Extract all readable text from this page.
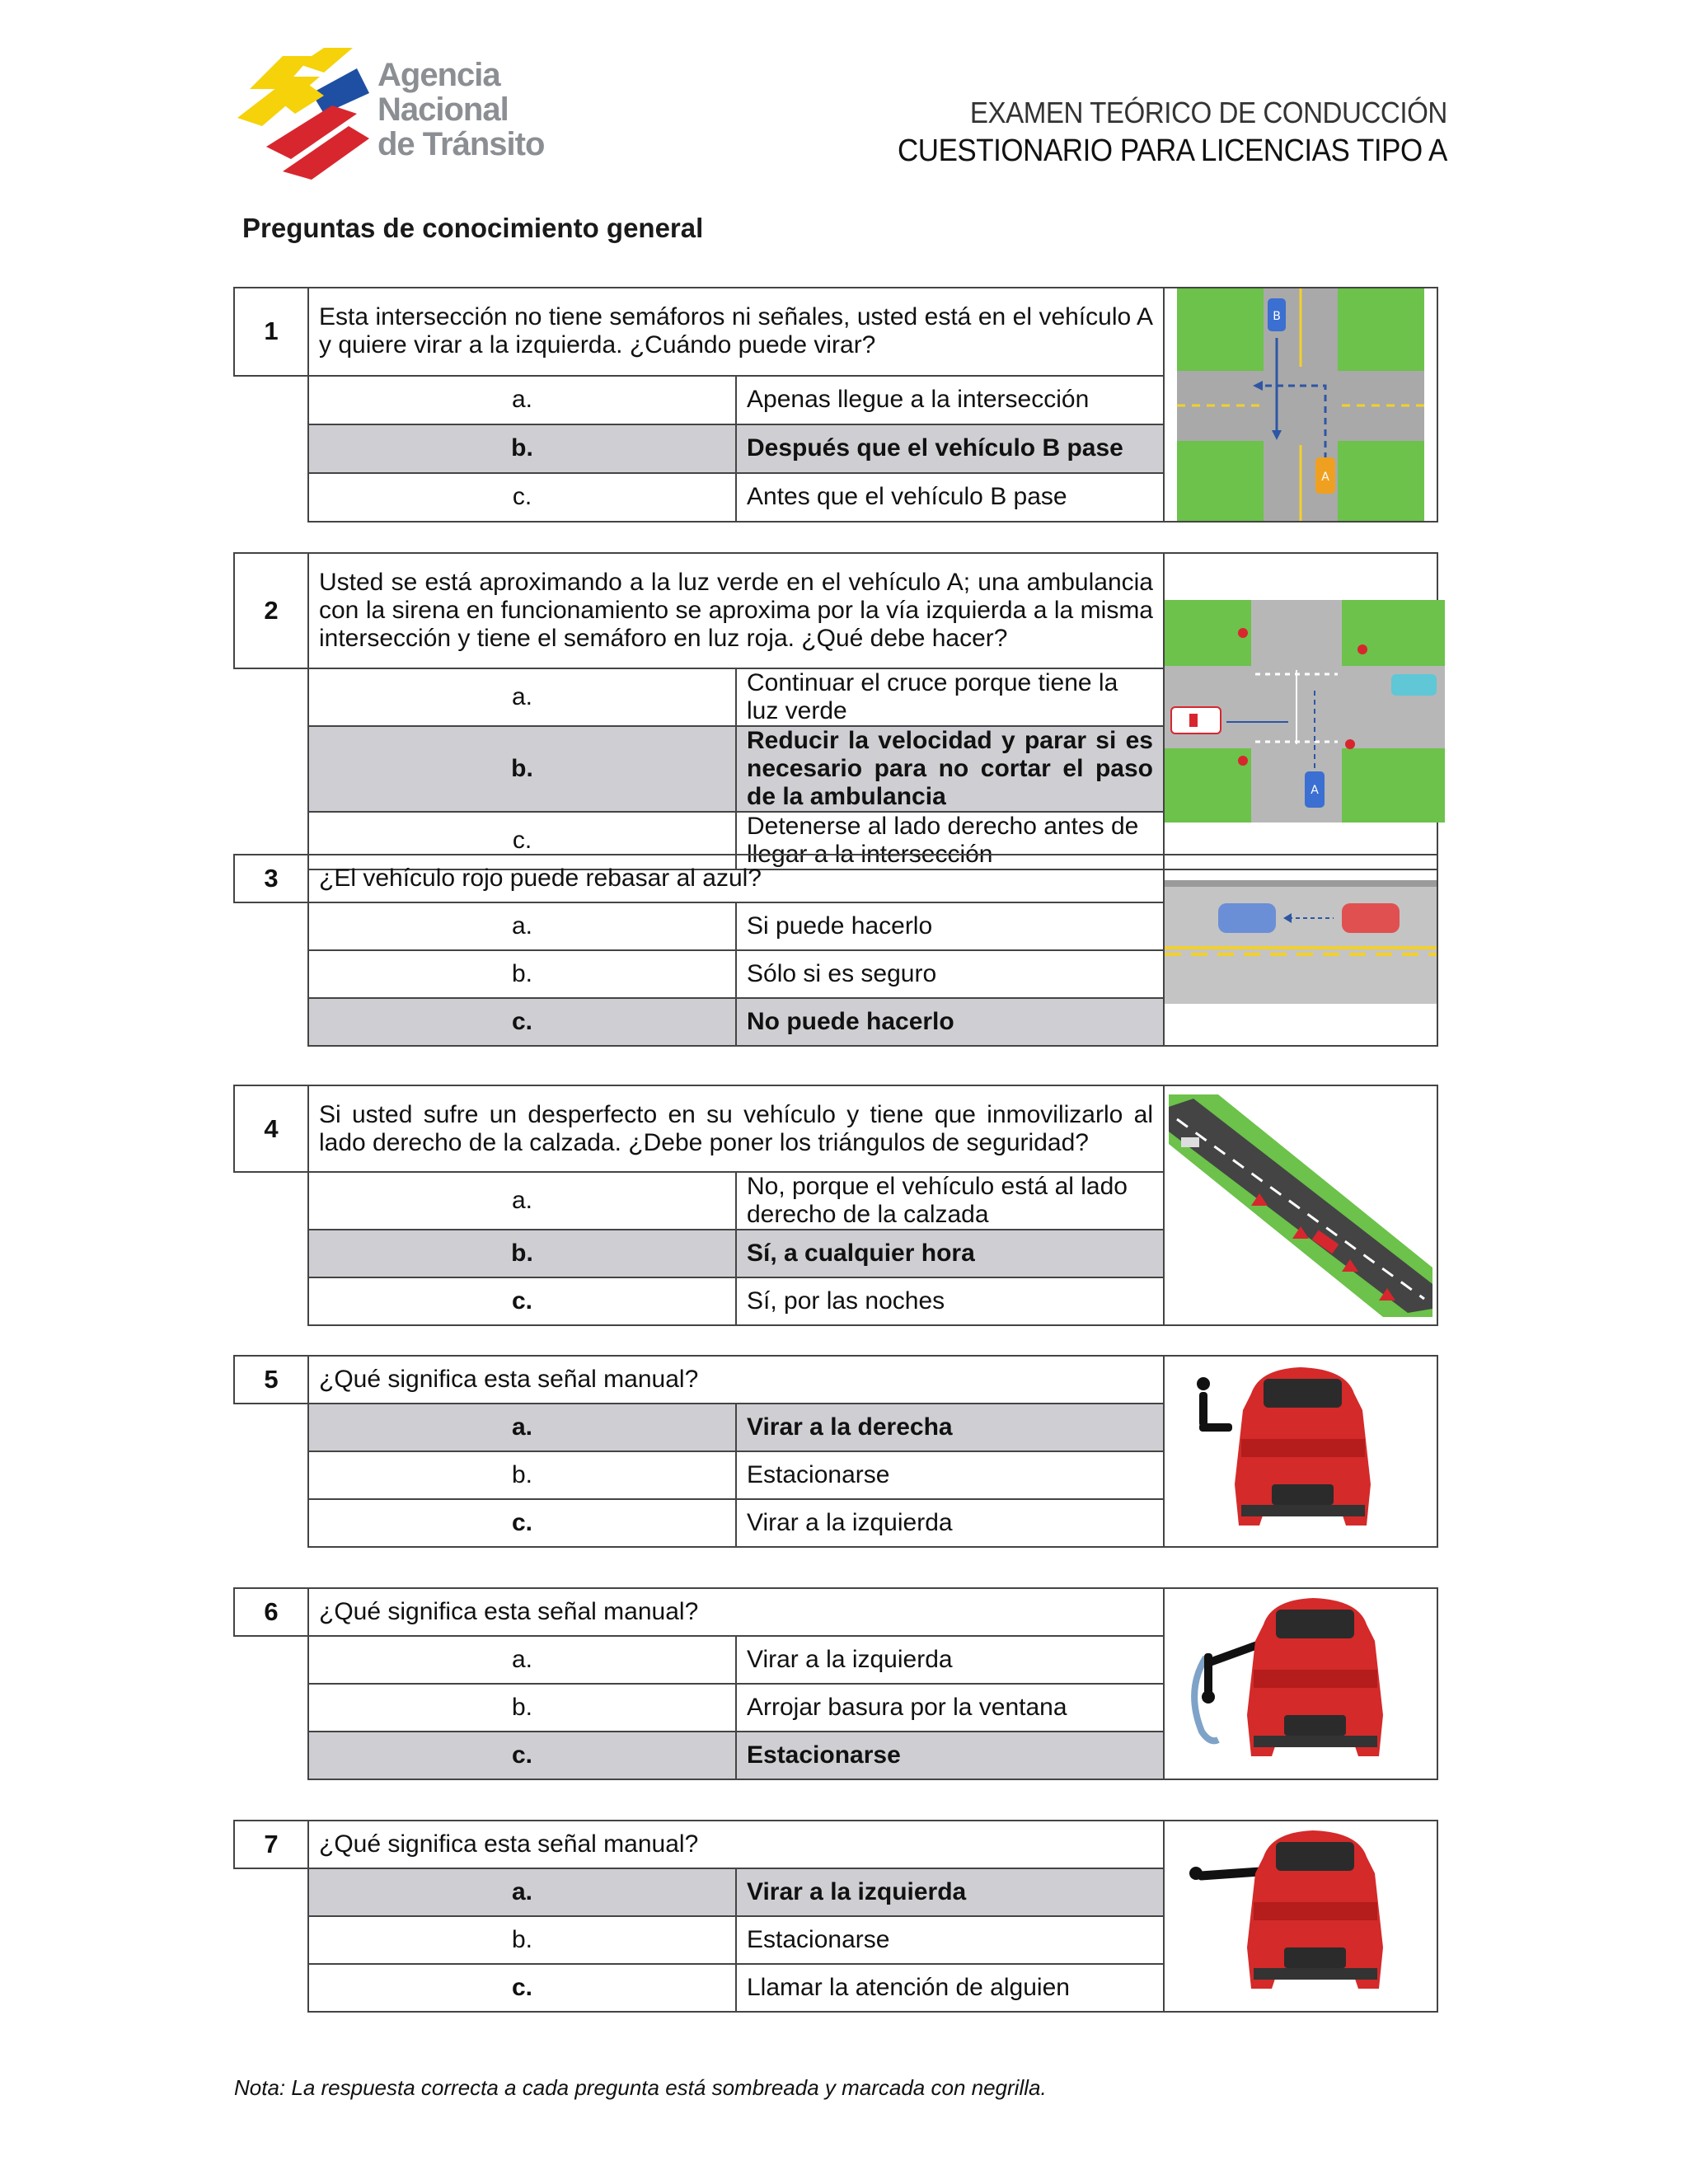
Agencia
Nacional
de Tránsito
EXAMEN TEÓRICO DE CONDUCCIÓN
CUESTIONARIO PARA LICENCIAS TIPO A
Preguntas de conocimiento general
1	Esta intersección no tiene semáforos ni señales, usted está en el vehículo A y quiere virar a la izquierda. ¿Cuándo puede virar?		B
A

	a.	Apenas llegue a la intersección	
	b.	Después que el vehículo B pase	
	c.	Antes que el vehículo B pase	
2	Usted se está aproximando a la luz verde en el vehículo A; una ambulancia con la sirena en funcionamiento se aproxima por la vía izquierda a la misma intersección y tiene el semáforo en luz roja. ¿Qué debe hacer?		A

	a.	Continuar el cruce porque tiene la luz verde	
	b.	Reducir la velocidad y parar si es necesario para no cortar el paso de la ambulancia	
	c.	Detenerse al lado derecho antes de llegar a la intersección	
3	¿El vehículo rojo puede rebasar al azul?	

	a.	Si puede hacerlo	
	b.	Sólo si es seguro	
	c.	No puede hacerlo	
4	Si usted sufre un desperfecto en su vehículo y tiene que inmovilizarlo al lado derecho de la calzada. ¿Debe poner los triángulos de seguridad?	

	a.	No, porque el vehículo está al lado derecho de la calzada	
	b.	Sí, a cualquier hora	
	c.	Sí, por las noches	
5	¿Qué significa esta señal manual?	

	a.	Virar a la derecha	
	b.	Estacionarse	
	c.	Virar a la izquierda	
6	¿Qué significa esta señal manual?	

	a.	Virar a la izquierda	
	b.	Arrojar basura por la ventana	
	c.	Estacionarse	
7	¿Qué significa esta señal manual?	

	a.	Virar a la izquierda	
	b.	Estacionarse	
	c.	Llamar la atención de alguien	
Nota: La respuesta correcta a cada pregunta está sombreada y marcada con negrilla.
